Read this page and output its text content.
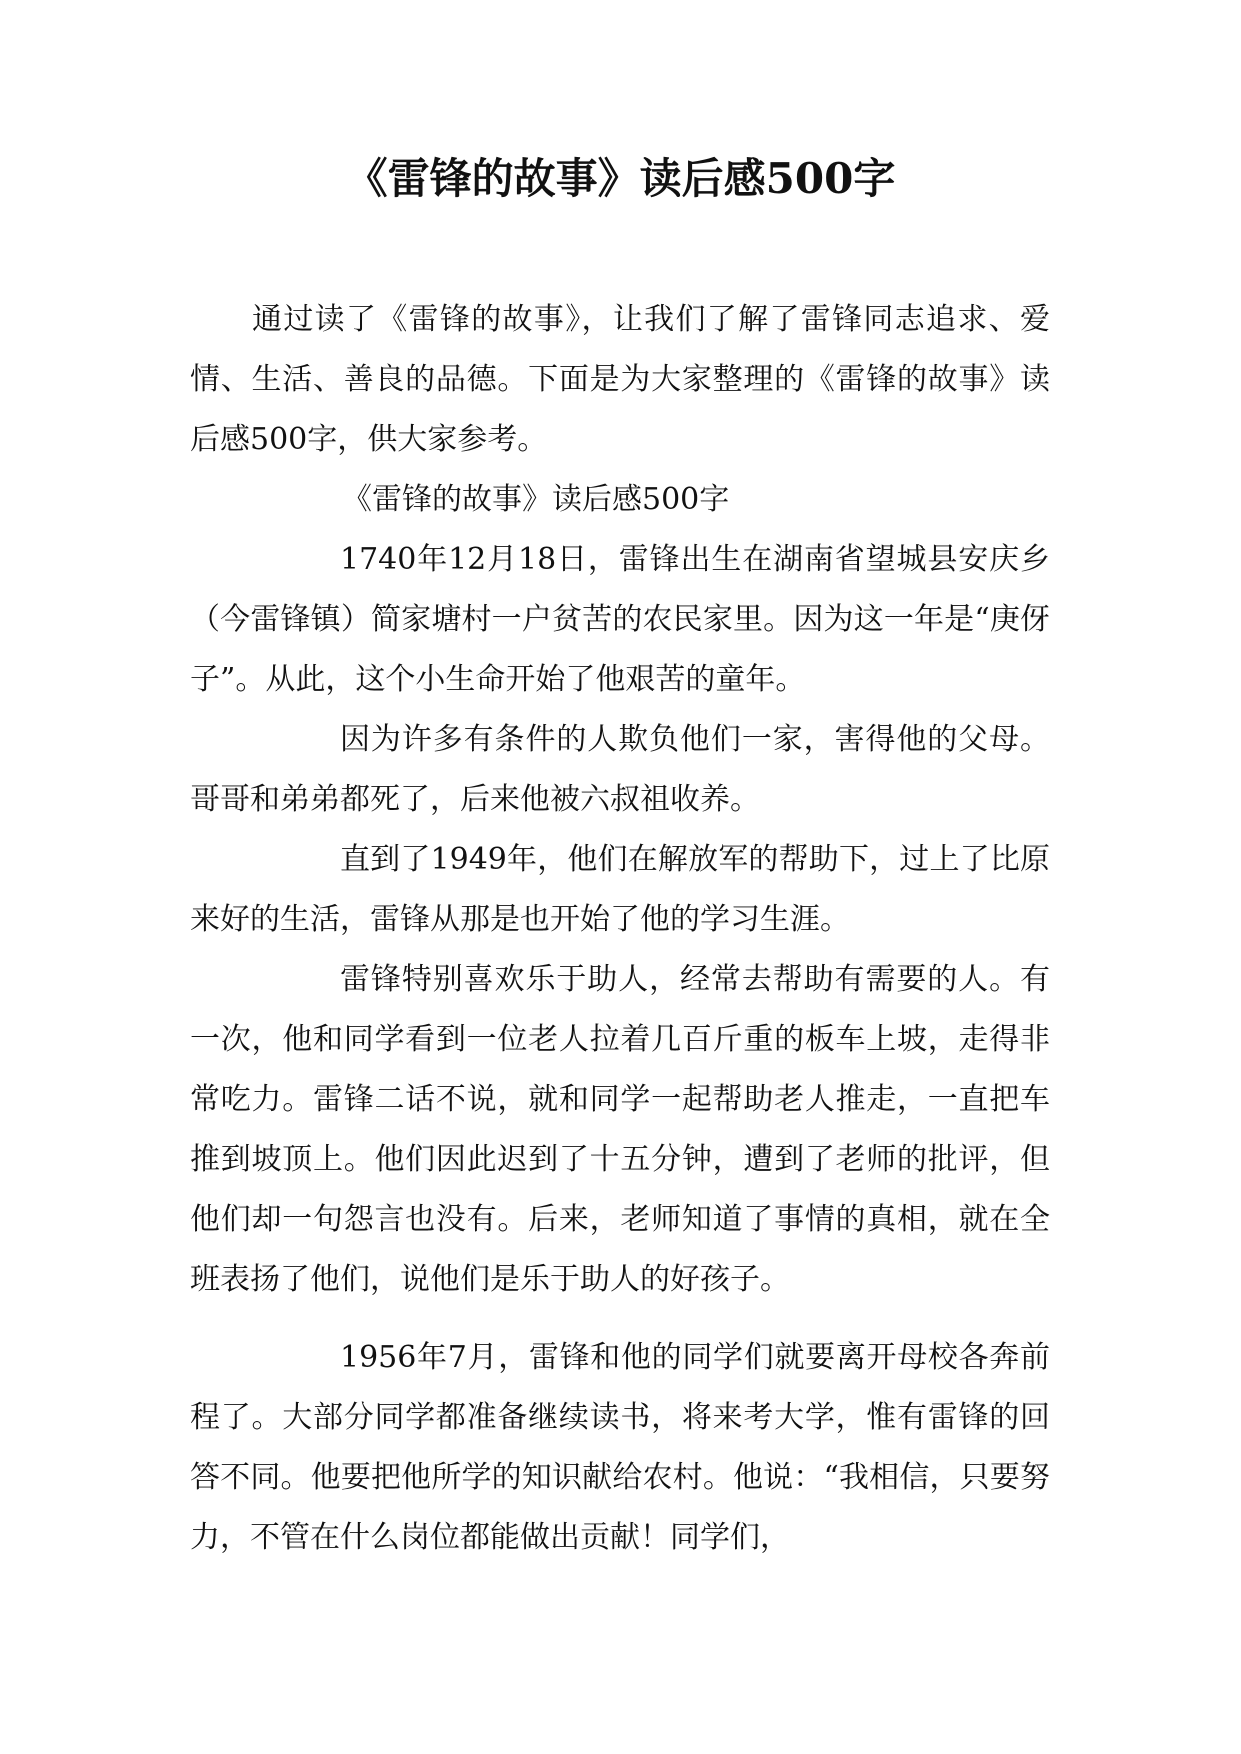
《雷锋的故事》读后感500字

通过读了《雷锋的故事》，让我们了解了雷锋同志追求、爱情、生活、善良的品德。下面是为大家整理的《雷锋的故事》读后感500字，供大家参考。

《雷锋的故事》读后感500字

1740年12月18日，雷锋出生在湖南省望城县安庆乡（今雷锋镇）简家塘村一户贫苦的农民家里。因为这一年是“庚伢子”。从此，这个小生命开始了他艰苦的童年。

因为许多有条件的人欺负他们一家，害得他的父母。哥哥和弟弟都死了，后来他被六叔祖收养。

直到了1949年，他们在解放军的帮助下，过上了比原来好的生活，雷锋从那是也开始了他的学习生涯。

雷锋特别喜欢乐于助人，经常去帮助有需要的人。有一次，他和同学看到一位老人拉着几百斤重的板车上坡，走得非常吃力。雷锋二话不说，就和同学一起帮助老人推走，一直把车推到坡顶上。他们因此迟到了十五分钟，遭到了老师的批评，但他们却一句怨言也没有。后来，老师知道了事情的真相，就在全班表扬了他们，说他们是乐于助人的好孩子。

1956年7月，雷锋和他的同学们就要离开母校各奔前程了。大部分同学都准备继续读书，将来考大学，惟有雷锋的回答不同。他要把他所学的知识献给农村。他说：“我相信，只要努力，不管在什么岗位都能做出贡献！同学们，
